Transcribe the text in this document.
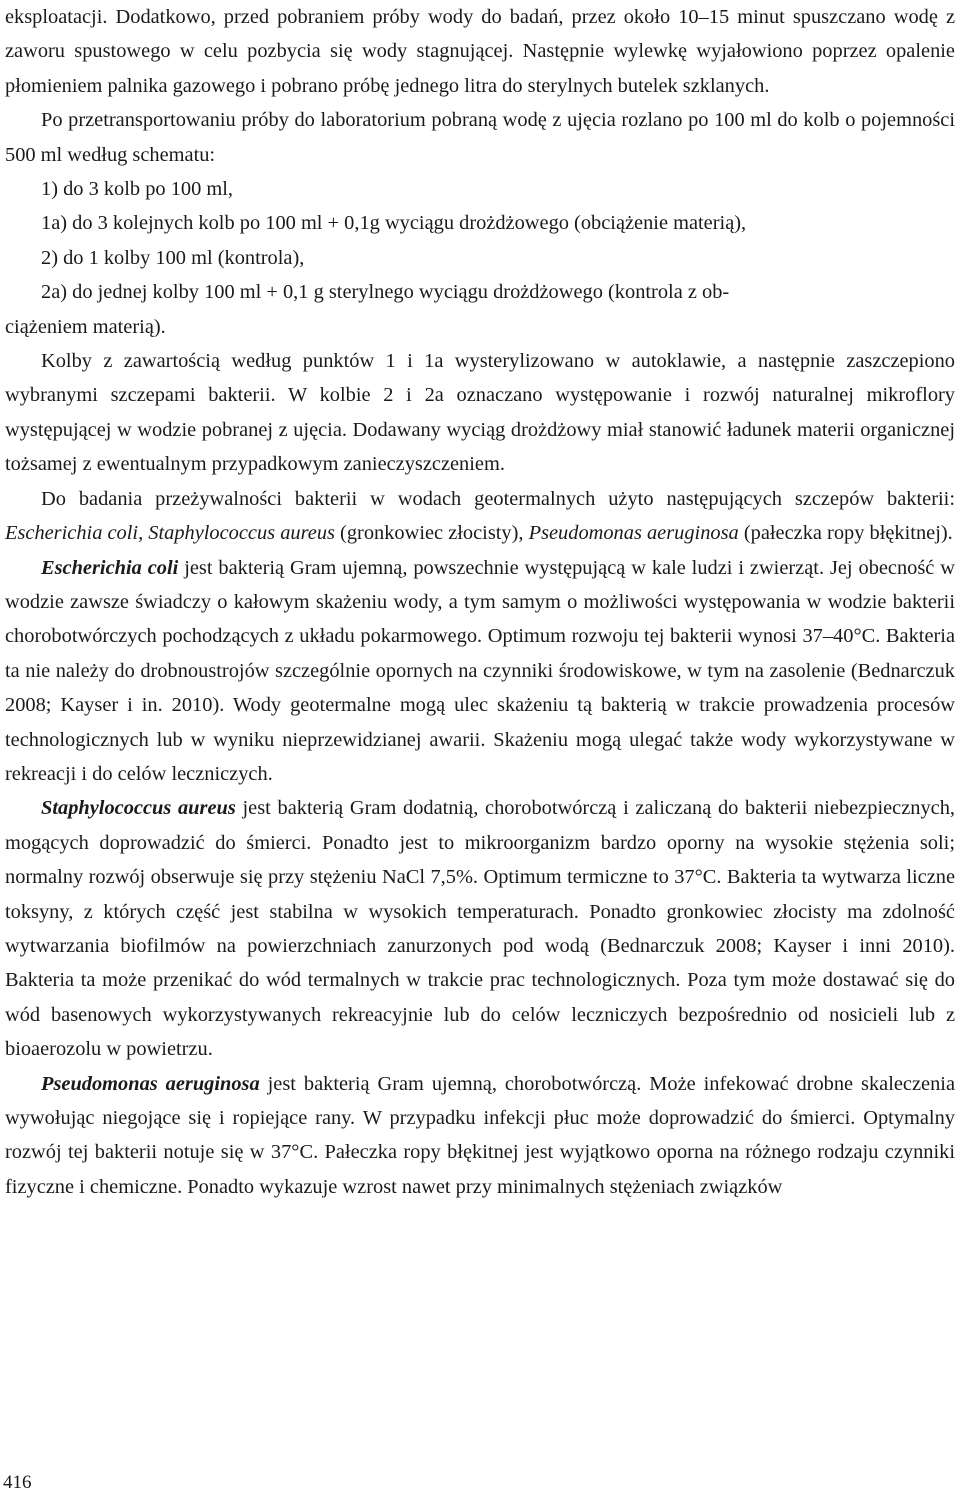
eksploatacji. Dodatkowo, przed pobraniem próby wody do badań, przez około 10–15 minut spuszczano wodę z zaworu spustowego w celu pozbycia się wody stagnującej. Następnie wylewkę wyjałowiono poprzez opalenie płomieniem palnika gazowego i pobrano próbę jednego litra do sterylnych butelek szklanych.

Po przetransportowaniu próby do laboratorium pobraną wodę z ujęcia rozlano po 100 ml do kolb o pojemności 500 ml według schematu:

1) do 3 kolb po 100 ml,

1a) do 3 kolejnych kolb po 100 ml + 0,1g wyciągu drożdżowego (obciążenie materią),

2) do 1 kolby 100 ml (kontrola),

2a) do jednej kolby 100 ml + 0,1 g sterylnego wyciągu drożdżowego (kontrola z ob-

ciążeniem materią).

Kolby z zawartością według punktów 1 i 1a wysterylizowano w autoklawie, a następnie zaszczepiono wybranymi szczepami bakterii. W kolbie 2 i 2a oznaczano występowanie i rozwój naturalnej mikroflory występującej w wodzie pobranej z ujęcia. Dodawany wyciąg drożdżowy miał stanowić ładunek materii organicznej tożsamej z ewentualnym przypadkowym zanieczyszczeniem.

Do badania przeżywalności bakterii w wodach geotermalnych użyto następujących szczepów bakterii: Escherichia coli, Staphylococcus aureus (gronkowiec złocisty), Pseudomonas aeruginosa (pałeczka ropy błękitnej).

Escherichia coli jest bakterią Gram ujemną, powszechnie występującą w kale ludzi i zwierząt. Jej obecność w wodzie zawsze świadczy o kałowym skażeniu wody, a tym samym o możliwości występowania w wodzie bakterii chorobotwórczych pochodzących z układu pokarmowego. Optimum rozwoju tej bakterii wynosi 37–40°C. Bakteria ta nie należy do drobnoustrojów szczególnie opornych na czynniki środowiskowe, w tym na zasolenie (Bednarczuk 2008; Kayser i in. 2010). Wody geotermalne mogą ulec skażeniu tą bakterią w trakcie prowadzenia procesów technologicznych lub w wyniku nieprzewidzianej awarii. Skażeniu mogą ulegać także wody wykorzystywane w rekreacji i do celów leczniczych.

Staphylococcus aureus jest bakterią Gram dodatnią, chorobotwórczą i zaliczaną do bakterii niebezpiecznych, mogących doprowadzić do śmierci. Ponadto jest to mikroorganizm bardzo oporny na wysokie stężenia soli; normalny rozwój obserwuje się przy stężeniu NaCl 7,5%. Optimum termiczne to 37°C. Bakteria ta wytwarza liczne toksyny, z których część jest stabilna w wysokich temperaturach. Ponadto gronkowiec złocisty ma zdolność wytwarzania biofilmów na powierzchniach zanurzonych pod wodą (Bednarczuk 2008; Kayser i inni 2010). Bakteria ta może przenikać do wód termalnych w trakcie prac technologicznych. Poza tym może dostawać się do wód basenowych wykorzystywanych rekreacyjnie lub do celów leczniczych bezpośrednio od nosicieli lub z bioaerozolu w powietrzu.

Pseudomonas aeruginosa jest bakterią Gram ujemną, chorobotwórczą. Może infekować drobne skaleczenia wywołując niegojące się i ropiejące rany. W przypadku infekcji płuc może doprowadzić do śmierci. Optymalny rozwój tej bakterii notuje się w 37°C. Pałeczka ropy błękitnej jest wyjątkowo oporna na różnego rodzaju czynniki fizyczne i chemiczne. Ponadto wykazuje wzrost nawet przy minimalnych stężeniach związków

416
